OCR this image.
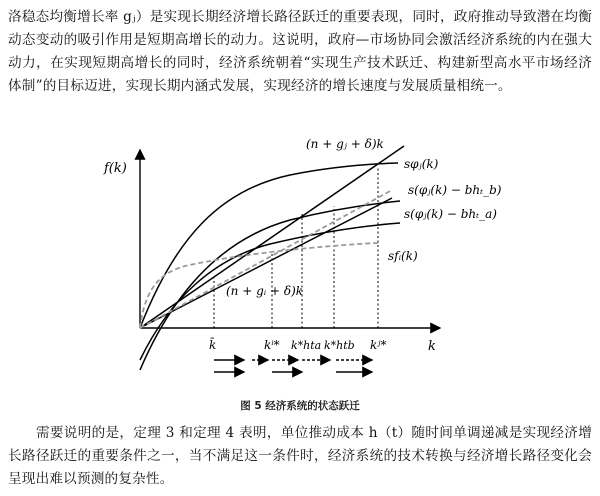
洛稳态均衡增长率 gⱼ）是实现长期经济增长路径跃迁的重要表现，同时，政府推动导致潜在均衡动态变动的吸引作用是短期高增长的动力。这说明，政府—市场协同会激活经济系统的内在强大动力，在实现短期高增长的同时，经济系统朝着“实现生产技术跃迁、构建新型高水平市场经济体制”的目标迈进，实现长期内涵式发展，实现经济的增长速度与发展质量相统一。

f(k)
k
(n + gⱼ + δ)k
sφⱼ(k)
s(φⱼ(k) − bhₜ_b)
s(φⱼ(k) − bhₜ_a)
sfᵢ(k)
(n + gᵢ + δ)k
k̄	kⁱ* k*hta k*htb kʲ*
图 5 经济系统的状态跃迁

需要说明的是，定理 3 和定理 4 表明，单位推动成本 h（t）随时间单调递减是实现经济增长路径跃迁的重要条件之一，当不满足这一条件时，经济系统的技术转换与经济增长路径变化会呈现出难以预测的复杂性。
